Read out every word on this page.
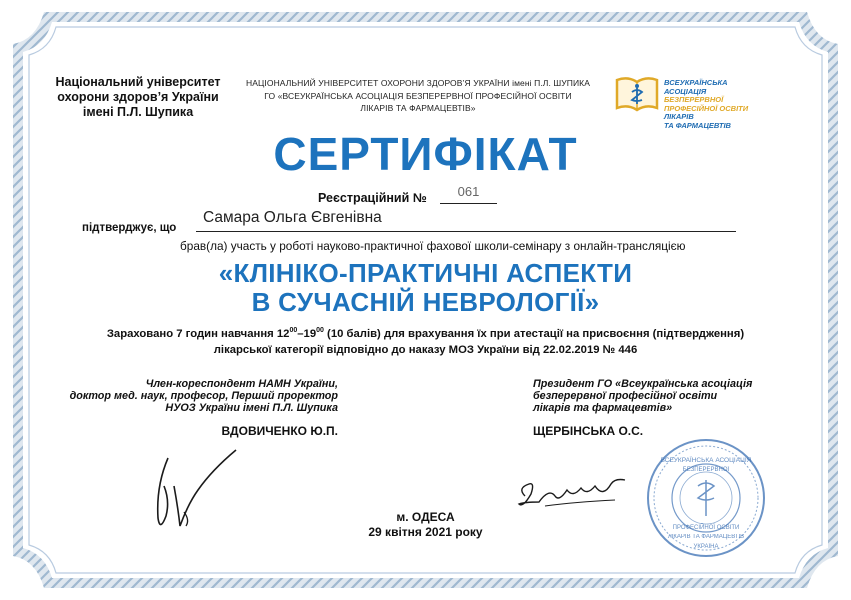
Національний університет
охорони здоров’я України
імені П.Л. Шупика
НАЦІОНАЛЬНИЙ УНІВЕРСИТЕТ ОХОРОНИ ЗДОРОВ’Я УКРАЇНИ імені П.Л. ШУПИКА
ГО «ВСЕУКРАЇНСЬКА АСОЦІАЦІЯ БЕЗПЕРЕРВНОЇ ПРОФЕСІЙНОЇ ОСВІТИ
ЛІКАРІВ ТА ФАРМАЦЕВТІВ»
ВСЕУКРАЇНСЬКА АСОЦІАЦІЯ
БЕЗПЕРЕРВНОЇ
ПРОФЕСІЙНОЇ ОСВІТИ
ЛІКАРІВ
ТА ФАРМАЦЕВТІВ
СЕРТИФІКАТ
Реєстраційний №	061
підтверджує, що
Самара Ольга Євгенівна
брав(ла) участь у роботі науково-практичної фахової школи-семінару з онлайн-трансляцією
«КЛІНІКО-ПРАКТИЧНІ АСПЕКТИ
В СУЧАСНІЙ НЕВРОЛОГІЇ»
Зараховано 7 годин навчання $12^{00}-19^{00}$ (10 балів) для врахування їх при атестації на присвоєння (підтвердження)
лікарської категорії відповідно до наказу МОЗ України від 22.02.2019 № 446
Член-кореспондент НАМН України,
доктор мед. наук, професор, Перший проректор
НУОЗ України імені П.Л. Шупика
ВДОВИЧЕНКО Ю.П.
Президент ГО «Всеукраїнська асоціація
безперервної професійної освіти
лікарів та фармацевтів»
ЩЕРБІНСЬКА О.С.
ВСЕУКРАЇНСЬКА АСОЦІАЦІЯ
БЕЗПЕРЕРВНОЇ
ПРОФЕСІЙНОЇ ОСВІТИ
ЛІКАРІВ ТА ФАРМАЦЕВТІВ
УКРАЇНА
м. ОДЕСА
29 квітня 2021 року
